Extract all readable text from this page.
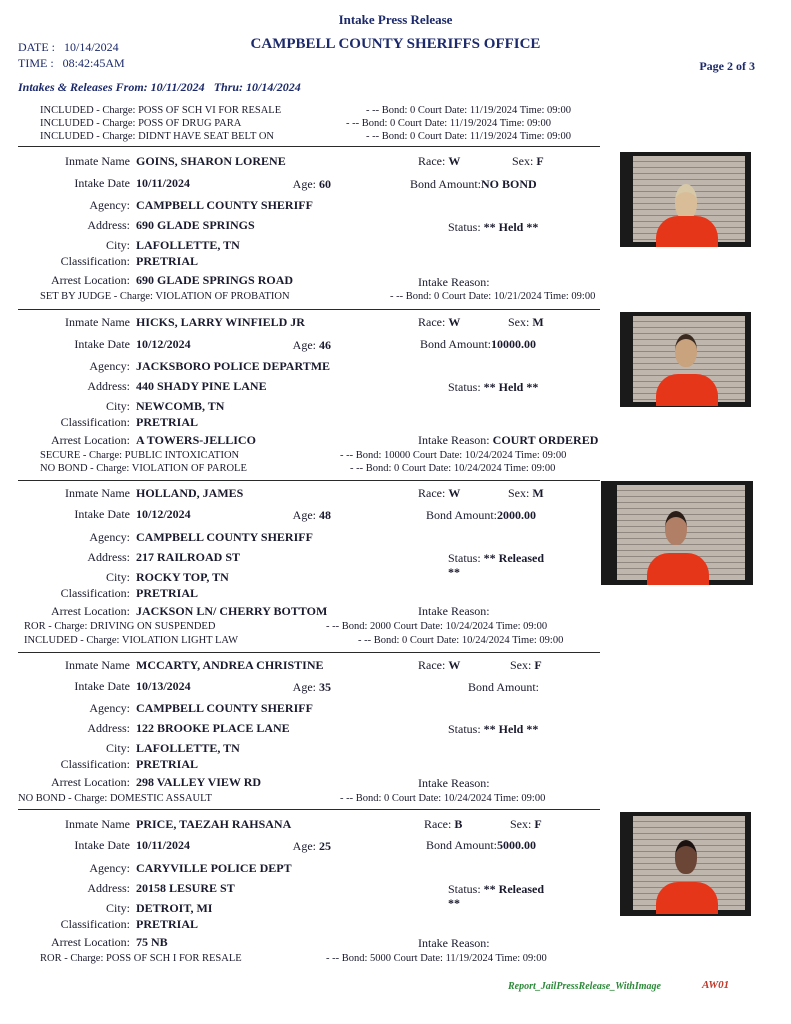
Intake Press Release
CAMPBELL COUNTY SHERIFFS OFFICE
DATE : 10/14/2024
TIME : 08:42:45AM	Page 2 of 3
Intakes & Releases From: 10/11/2024 Thru: 10/14/2024
INCLUDED - Charge: POSS OF SCH VI FOR RESALE	- -- Bond: 0 Court Date: 11/19/2024 Time: 09:00
INCLUDED - Charge: POSS OF DRUG PARA	- -- Bond: 0 Court Date: 11/19/2024 Time: 09:00
INCLUDED - Charge: DIDNT HAVE SEAT BELT ON	- -- Bond: 0 Court Date: 11/19/2024 Time: 09:00
Inmate Name GOINS, SHARON LORENE
Intake Date 10/11/2024	Age: 60
Agency: CAMPBELL COUNTY SHERIFF
Address: 690 GLADE SPRINGS
City: LAFOLLETTE, TN
Classification: PRETRIAL
Arrest Location: 690 GLADE SPRINGS ROAD
Race: W	Sex: F
Bond Amount:NO BOND
Status: ** Held **
Intake Reason:
SET BY JUDGE - Charge: VIOLATION OF PROBATION	- -- Bond: 0 Court Date: 10/21/2024 Time: 09:00
Inmate Name HICKS, LARRY WINFIELD JR
Intake Date 10/12/2024	Age: 46
Agency: JACKSBORO POLICE DEPARTME
Address: 440 SHADY PINE LANE
City: NEWCOMB, TN
Classification: PRETRIAL
Arrest Location: A TOWERS-JELLICO
Race: W	Sex: M
Bond Amount:10000.00
Status: ** Held **
Intake Reason: COURT ORDERED
SECURE - Charge: PUBLIC INTOXICATION	- -- Bond: 10000 Court Date: 10/24/2024 Time: 09:00
NO BOND - Charge: VIOLATION OF PAROLE	- -- Bond: 0 Court Date: 10/24/2024 Time: 09:00
Inmate Name HOLLAND, JAMES
Intake Date 10/12/2024	Age: 48
Agency: CAMPBELL COUNTY SHERIFF
Address: 217 RAILROAD ST
City: ROCKY TOP, TN
Classification: PRETRIAL
Arrest Location: JACKSON LN/ CHERRY BOTTOM
Race: W	Sex: M
Bond Amount:2000.00
Status: ** Released **
Intake Reason:
ROR - Charge: DRIVING ON SUSPENDED	- -- Bond: 2000 Court Date: 10/24/2024 Time: 09:00
INCLUDED - Charge: VIOLATION LIGHT LAW	- -- Bond: 0 Court Date: 10/24/2024 Time: 09:00
Inmate Name MCCARTY, ANDREA CHRISTINE
Intake Date 10/13/2024	Age: 35
Agency: CAMPBELL COUNTY SHERIFF
Address: 122 BROOKE PLACE LANE
City: LAFOLLETTE, TN
Classification: PRETRIAL
Arrest Location: 298 VALLEY VIEW RD
Race: W	Sex: F
Bond Amount:
Status: ** Held **
Intake Reason:
NO BOND - Charge: DOMESTIC ASSAULT	- -- Bond: 0 Court Date: 10/24/2024 Time: 09:00
Inmate Name PRICE, TAEZAH RAHSANA
Intake Date 10/11/2024	Age: 25
Agency: CARYVILLE POLICE DEPT
Address: 20158 LESURE ST
City: DETROIT, MI
Classification: PRETRIAL
Arrest Location: 75 NB
Race: B	Sex: F
Bond Amount:5000.00
Status: ** Released **
Intake Reason:
ROR - Charge: POSS OF SCH I FOR RESALE	- -- Bond: 5000 Court Date: 11/19/2024 Time: 09:00
Report_JailPressRelease_WithImage	AW01
